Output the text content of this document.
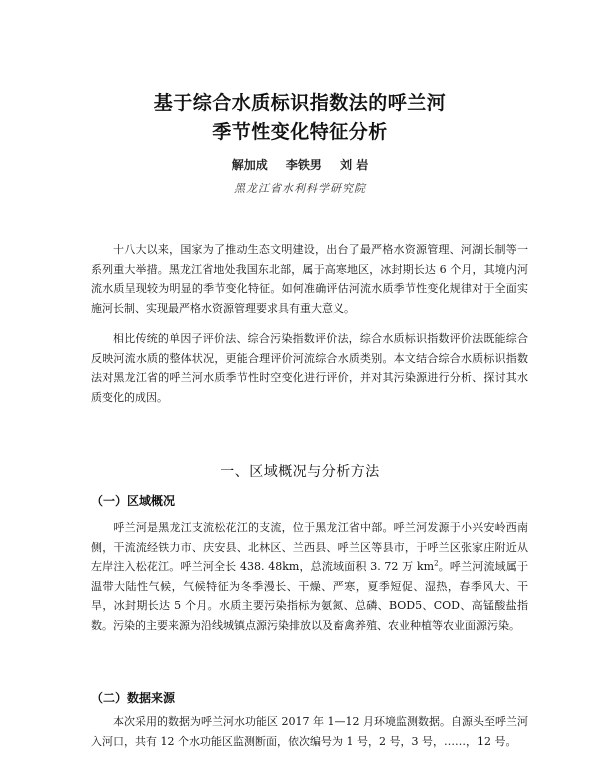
基于综合水质标识指数法的呼兰河
季节性变化特征分析
解加成 李铁男 刘 岩
黑龙江省水利科学研究院

十八大以来，国家为了推动生态文明建设，出台了最严格水资源管理、河湖长制等一系列重大举措。黑龙江省地处我国东北部，属于高寒地区，冰封期长达 6 个月，其境内河流水质呈现较为明显的季节变化特征。如何准确评估河流水质季节性变化规律对于全面实施河长制、实现最严格水资源管理要求具有重大意义。

相比传统的单因子评价法、综合污染指数评价法，综合水质标识指数评价法既能综合反映河流水质的整体状况，更能合理评价河流综合水质类别。本文结合综合水质标识指数法对黑龙江省的呼兰河水质季节性时空变化进行评价，并对其污染源进行分析、探讨其水质变化的成因。

一、区域概况与分析方法
（一）区域概况

　　呼兰河是黑龙江支流松花江的支流，位于黑龙江省中部。呼兰河发源于小兴安岭西南侧，干流流经铁力市、庆安县、北林区、兰西县、呼兰区等县市，于呼兰区张家庄附近从左岸注入松花江。呼兰河全长 438. 48km，总流域面积 3. 72 万 $km^2$。呼兰河流域属于温带大陆性气候，气候特征为冬季漫长、干燥、严寒，夏季短促、湿热，春季风大、干旱，冰封期长达 5 个月。水质主要污染指标为氨氮、总磷、BOD5、COD、高锰酸盐指数。污染的主要来源为沿线城镇点源污染排放以及畜禽养殖、农业种植等农业面源污染。

（二）数据来源

本次采用的数据为呼兰河水功能区 2017 年 1—12 月环境监测数据。自源头至呼兰河入河口，共有 12 个水功能区监测断面，依次编号为 1 号，2 号，3 号，……，12 号。
